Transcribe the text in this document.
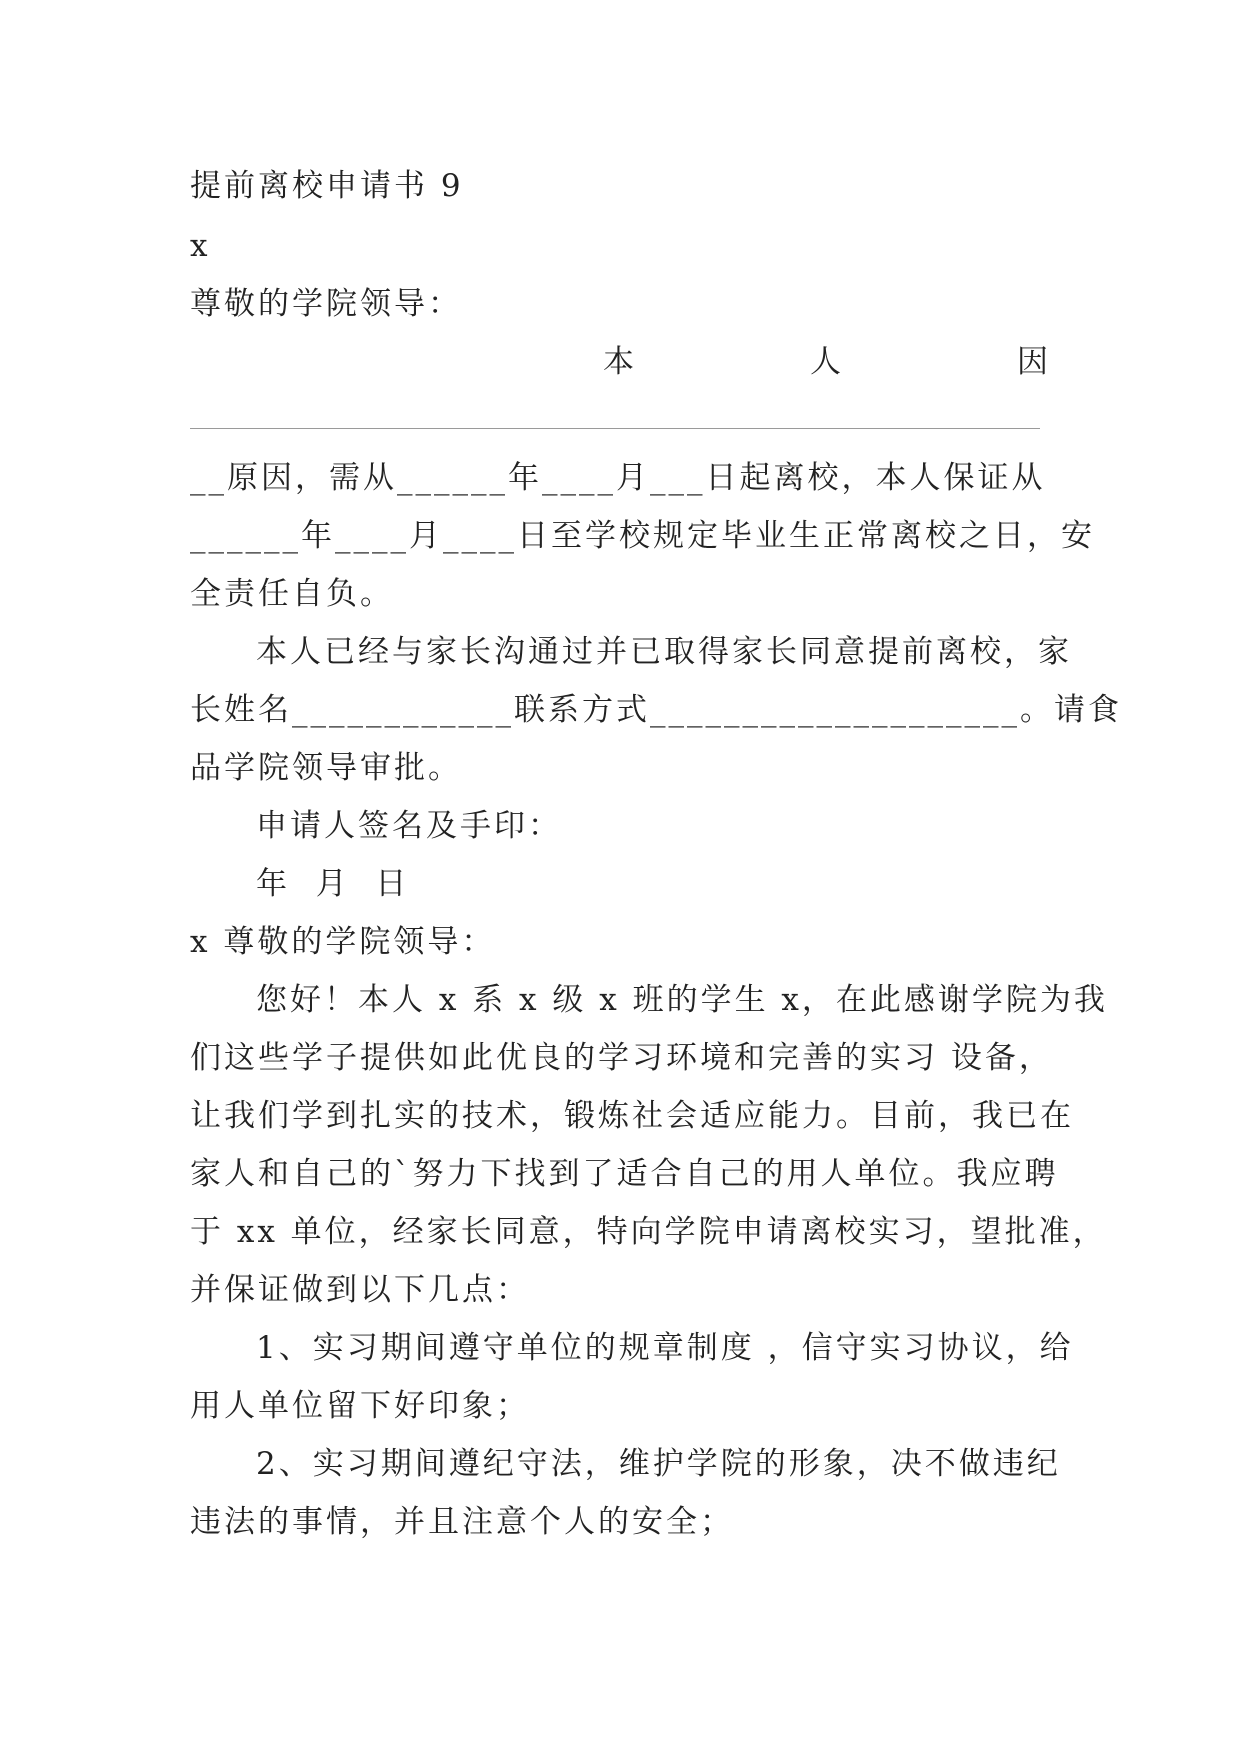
提前离校申请书 9
x
尊敬的学院领导：
本	人	因
__原因，需从______年____月___日起离校，本人保证从
______年____月____日至学校规定毕业生正常离校之日，安
全责任自负。
本人已经与家长沟通过并已取得家长同意提前离校，家
长姓名____________联系方式____________________。请食
品学院领导审批。
申请人签名及手印：
年  月  日
x 尊敬的学院领导：
您好！本人 x 系 x 级 x 班的学生 x，在此感谢学院为我
们这些学子提供如此优良的学习环境和完善的实习 设备，
让我们学到扎实的技术，锻炼社会适应能力。目前，我已在
家人和自己的`努力下找到了适合自己的用人单位。我应聘
于 xx 单位，经家长同意，特向学院申请离校实习，望批准，
并保证做到以下几点：
1、实习期间遵守单位的规章制度 ，信守实习协议，给
用人单位留下好印象；
2、实习期间遵纪守法，维护学院的形象，决不做违纪
违法的事情，并且注意个人的安全；
